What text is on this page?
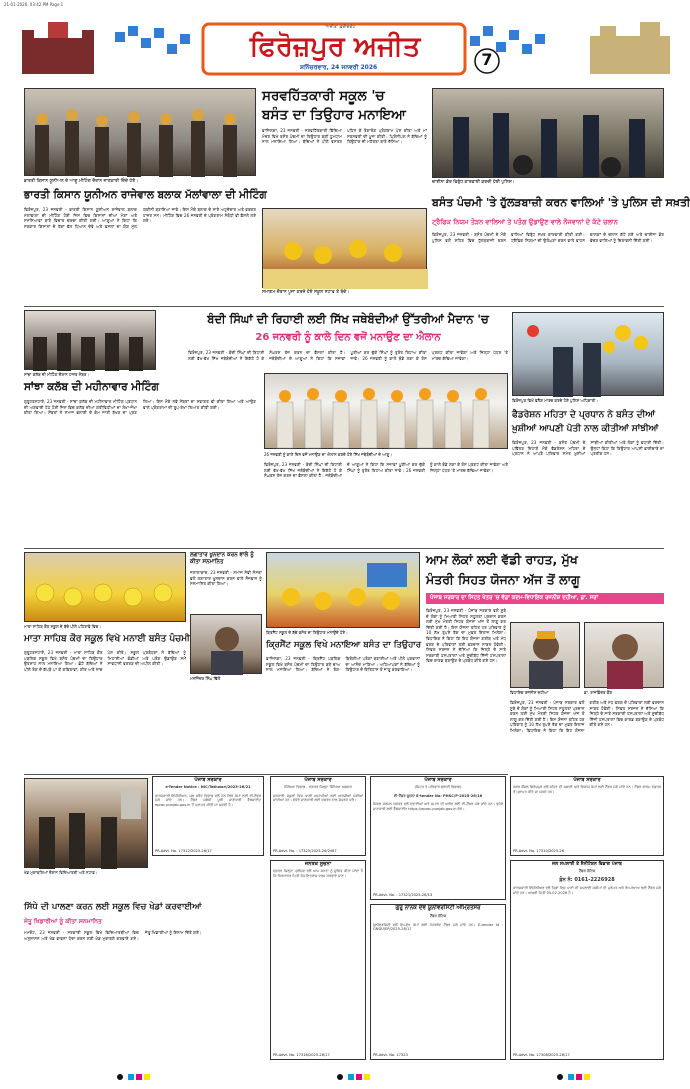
21-01-2026, 03:42 PM Page 1
ਫਿਰੋਜ਼ਪੁਰ ਅਜੀਤ
'ਅਜੀਤ' ਫ਼ਰੀਦਕੋਟ
ਸ਼ਨਿੱਚਰਵਾਰ, 24 ਜਨਵਰੀ 2026	7
ਭਾਰਤੀ ਕਿਸਾਨ ਯੂਨੀਅਨ ਦੇ ਆਗੂ ਮੀਟਿੰਗ ਦੌਰਾਨ ਜਾਣਕਾਰੀ ਦਿੰਦੇ ਹੋਏ।
ਭਾਰਤੀ ਕਿਸਾਨ ਯੂਨੀਅਨ ਰਾਜੇਵਾਲ ਬਲਾਕ ਮੱਲਾਂਵਾਲਾ ਦੀ ਮੀਟਿੰਗ
ਫਿਰੋਜ਼ਪੁਰ, 23 ਜਨਵਰੀ - ਭਾਰਤੀ ਕਿਸਾਨ ਯੂਨੀਅਨ ਰਾਜੇਵਾਲ ਬਲਾਕ ਮੱਲਾਂਵਾਲਾ ਦੀ ਮੀਟਿੰਗ ਹੋਈ ਜਿਸ ਵਿਚ ਕਿਸਾਨਾਂ ਦੀਆਂ ਮੰਗਾਂ ਅਤੇ ਸਮੱਸਿਆਵਾਂ ਬਾਰੇ ਵਿਚਾਰ ਚਰਚਾ ਕੀਤੀ ਗਈ। ਆਗੂਆਂ ਨੇ ਕਿਹਾ ਕਿ ਸਰਕਾਰ ਕਿਸਾਨਾਂ ਦੇ ਹੱਕਾਂ ਵੱਲ ਧਿਆਨ ਦੇਵੇ ਅਤੇ ਫ਼ਸਲਾਂ ਦਾ ਯੋਗ ਮੁੱਲ ਯਕੀਨੀ ਬਣਾਇਆ ਜਾਵੇ। ਇਸ ਮੌਕੇ ਬਲਾਕ ਦੇ ਸਾਰੇ ਅਹੁਦੇਦਾਰ ਅਤੇ ਵਰਕਰ ਹਾਜ਼ਰ ਸਨ। ਮੀਟਿੰਗ ਵਿਚ 26 ਜਨਵਰੀ ਦੇ ਪ੍ਰੋਗਰਾਮ ਸੰਬੰਧੀ ਵੀ ਫ਼ੈਸਲੇ ਲਏ ਗਏ।
ਸਰਵਹਿੱਤਕਾਰੀ ਸਕੂਲ 'ਚ
ਬਸੰਤ ਦਾ ਤਿਉਹਾਰ ਮਨਾਇਆ
ਫ਼ਾਜ਼ਿਲਕਾ, 23 ਜਨਵਰੀ - ਸਰਵਹਿੱਤਕਾਰੀ ਵਿੱਦਿਆ ਮੰਦਰ ਵਿਖੇ ਬਸੰਤ ਪੰਚਮੀ ਦਾ ਤਿਉਹਾਰ ਬੜੀ ਧੂਮਧਾਮ ਨਾਲ ਮਨਾਇਆ ਗਿਆ। ਬੱਚਿਆਂ ਨੇ ਪੀਲੇ ਵਸਤਰ ਪਹਿਨ ਕੇ ਰੰਗਾਰੰਗ ਪ੍ਰੋਗਰਾਮ ਪੇਸ਼ ਕੀਤਾ ਅਤੇ ਮਾਂ ਸਰਸਵਤੀ ਦੀ ਪੂਜਾ ਕੀਤੀ। ਪ੍ਰਿੰਸੀਪਲ ਨੇ ਬੱਚਿਆਂ ਨੂੰ ਤਿਉਹਾਰ ਦੀ ਮਹੱਤਤਾ ਬਾਰੇ ਦੱਸਿਆ।
ਸਮਾਗਮ ਦੌਰਾਨ ਪੂਜਾ ਕਰਦੇ ਹੋਏ ਸਕੂਲ ਸਟਾਫ਼ ਤੇ ਬੱਚੇ।
ਚਾਈਨਾ ਡੋਰ ਵਿਰੁੱਧ ਕਾਰਵਾਈ ਕਰਦੀ ਹੋਈ ਪੁਲਿਸ।
ਬਸੰਤ ਪੰਚਮੀ 'ਤੇ ਹੁੱਲੜਬਾਜ਼ੀ ਕਰਨ ਵਾਲਿਆਂ 'ਤੇ ਪੁਲਿਸ ਦੀ ਸਖ਼ਤੀ
ਟ੍ਰੈਫਿਕ ਨਿਯਮ ਤੋੜਨ ਵਾਲਿਆਂ ਤੇ ਪਤੰਗ ਉਡਾਉਣ ਵਾਲੇ ਨੌਜਵਾਨਾਂ ਦੇ ਕੱਟੇ ਚਲਾਨ
ਫ਼ਿਰੋਜ਼ਪੁਰ, 23 ਜਨਵਰੀ - ਬਸੰਤ ਪੰਚਮੀ ਦੇ ਮੌਕੇ ਪੁਲਿਸ ਵਲੋਂ ਸ਼ਹਿਰ ਵਿਚ ਹੁੱਲੜਬਾਜ਼ੀ ਕਰਨ ਵਾਲਿਆਂ ਵਿਰੁੱਧ ਸਖ਼ਤ ਕਾਰਵਾਈ ਕੀਤੀ ਗਈ। ਟ੍ਰੈਫਿਕ ਨਿਯਮਾਂ ਦੀ ਉਲੰਘਣਾ ਕਰਨ ਵਾਲੇ ਵਾਹਨ ਚਾਲਕਾਂ ਦੇ ਚਲਾਨ ਕੱਟੇ ਗਏ ਅਤੇ ਚਾਈਨਾ ਡੋਰ ਵੇਚਣ ਵਾਲਿਆਂ ਨੂੰ ਚਿਤਾਵਨੀ ਦਿੱਤੀ ਗਈ।
ਸਾਂਝਾ ਕਲੱਬ ਦੀ ਮੀਟਿੰਗ ਦੌਰਾਨ ਹਾਜ਼ਰ ਮੈਂਬਰ।
ਸਾਂਝਾ ਕਲੱਬ ਦੀ ਮਹੀਨਾਵਾਰ ਮੀਟਿੰਗ
ਗੁਰੂਹਰਸਹਾਏ, 23 ਜਨਵਰੀ - ਸਾਂਝਾ ਕਲੱਬ ਦੀ ਮਹੀਨਾਵਾਰ ਮੀਟਿੰਗ ਪ੍ਰਧਾਨ ਦੀ ਅਗਵਾਈ ਹੇਠ ਹੋਈ ਜਿਸ ਵਿਚ ਕਲੱਬ ਦੀਆਂ ਗਤੀਵਿਧੀਆਂ ਦਾ ਲੇਖਾ-ਜੋਖਾ ਕੀਤਾ ਗਿਆ। ਮੈਂਬਰਾਂ ਨੇ ਸਮਾਜ ਭਲਾਈ ਦੇ ਕੰਮ ਜਾਰੀ ਰੱਖਣ ਦਾ ਪ੍ਰਣ ਲਿਆ। ਇਸ ਮੌਕੇ ਨਵੇਂ ਮੈਂਬਰਾਂ ਦਾ ਸਵਾਗਤ ਵੀ ਕੀਤਾ ਗਿਆ ਅਤੇ ਆਉਣ ਵਾਲੇ ਪ੍ਰੋਗਰਾਮਾਂ ਦੀ ਰੂਪ-ਰੇਖਾ ਤਿਆਰ ਕੀਤੀ ਗਈ।
ਬੰਦੀ ਸਿੰਘਾਂ ਦੀ ਰਿਹਾਈ ਲਈ ਸਿੱਖ ਜਥੇਬੰਦੀਆਂ ਉੱਤਰੀਆਂ ਮੈਦਾਨ 'ਚ
26 ਜਨਵਰੀ ਨੂੰ ਕਾਲੇ ਦਿਨ ਵਜੋਂ ਮਨਾਉਣ ਦਾ ਐਲਾਨ
ਫਿਰੋਜ਼ਪੁਰ, 23 ਜਨਵਰੀ - ਬੰਦੀ ਸਿੰਘਾਂ ਦੀ ਰਿਹਾਈ ਲਈ ਵੱਖ-ਵੱਖ ਸਿੱਖ ਜਥੇਬੰਦੀਆਂ ਨੇ ਇਕੱਠੇ ਹੋ ਕੇ ਸੰਘਰਸ਼ ਤੇਜ਼ ਕਰਨ ਦਾ ਫ਼ੈਸਲਾ ਕੀਤਾ ਹੈ। ਜਥੇਬੰਦੀਆਂ ਦੇ ਆਗੂਆਂ ਨੇ ਕਿਹਾ ਕਿ ਸਜ਼ਾਵਾਂ ਪੂਰੀਆਂ ਕਰ ਚੁੱਕੇ ਸਿੰਘਾਂ ਨੂੰ ਤੁਰੰਤ ਰਿਹਾਅ ਕੀਤਾ ਜਾਵੇ। 26 ਜਨਵਰੀ ਨੂੰ ਕਾਲੇ ਝੰਡੇ ਲਗਾ ਕੇ ਰੋਸ ਪ੍ਰਗਟ ਕੀਤਾ ਜਾਵੇਗਾ ਅਤੇ ਜ਼ਿਲ੍ਹਾ ਪੱਧਰ 'ਤੇ ਮਾਰਚ ਕੱਢਿਆ ਜਾਵੇਗਾ।
26 ਜਨਵਰੀ ਨੂੰ ਕਾਲੇ ਦਿਨ ਵਜੋਂ ਮਨਾਉਣ ਦਾ ਐਲਾਨ ਕਰਦੇ ਹੋਏ ਸਿੱਖ ਜਥੇਬੰਦੀਆਂ ਦੇ ਆਗੂ।
ਫਿਰੋਜ਼ਪੁਰ, 23 ਜਨਵਰੀ - ਬੰਦੀ ਸਿੰਘਾਂ ਦੀ ਰਿਹਾਈ ਲਈ ਵੱਖ-ਵੱਖ ਸਿੱਖ ਜਥੇਬੰਦੀਆਂ ਨੇ ਇਕੱਠੇ ਹੋ ਕੇ ਸੰਘਰਸ਼ ਤੇਜ਼ ਕਰਨ ਦਾ ਫ਼ੈਸਲਾ ਕੀਤਾ ਹੈ। ਜਥੇਬੰਦੀਆਂ ਦੇ ਆਗੂਆਂ ਨੇ ਕਿਹਾ ਕਿ ਸਜ਼ਾਵਾਂ ਪੂਰੀਆਂ ਕਰ ਚੁੱਕੇ ਸਿੰਘਾਂ ਨੂੰ ਤੁਰੰਤ ਰਿਹਾਅ ਕੀਤਾ ਜਾਵੇ। 26 ਜਨਵਰੀ ਨੂੰ ਕਾਲੇ ਝੰਡੇ ਲਗਾ ਕੇ ਰੋਸ ਪ੍ਰਗਟ ਕੀਤਾ ਜਾਵੇਗਾ ਅਤੇ ਜ਼ਿਲ੍ਹਾ ਪੱਧਰ 'ਤੇ ਮਾਰਚ ਕੱਢਿਆ ਜਾਵੇਗਾ।
ਫ਼ਿਰੋਜ਼ਪੁਰ ਵਿਖੇ ਫਲੈਗ ਮਾਰਚ ਕਰਦੇ ਹੋਏ ਪੁਲਿਸ ਅਧਿਕਾਰੀ।
ਫੈਡਰੇਸ਼ਨ ਮਹਿਤਾ ਦੇ ਪ੍ਰਧਾਨ ਨੇ ਬਸੰਤ ਦੀਆਂ
ਖ਼ੁਸ਼ੀਆਂ ਆਪਣੀ ਪੋਤੀ ਨਾਲ ਕੀਤੀਆਂ ਸਾਂਝੀਆਂ
ਫ਼ਿਰੋਜ਼ਪੁਰ, 23 ਜਨਵਰੀ - ਬਸੰਤ ਪੰਚਮੀ ਦੇ ਪਵਿੱਤਰ ਦਿਹਾੜੇ ਮੌਕੇ ਫੈਡਰੇਸ਼ਨ ਮਹਿਤਾ ਦੇ ਪ੍ਰਧਾਨ ਨੇ ਆਪਣੇ ਪਰਿਵਾਰ ਸਮੇਤ ਖ਼ੁਸ਼ੀਆਂ ਸਾਂਝੀਆਂ ਕੀਤੀਆਂ ਅਤੇ ਲੋਕਾਂ ਨੂੰ ਵਧਾਈ ਦਿੱਤੀ। ਉਨ੍ਹਾਂ ਕਿਹਾ ਕਿ ਤਿਉਹਾਰ ਆਪਸੀ ਭਾਈਚਾਰੇ ਦਾ ਪ੍ਰਤੀਕ ਹਨ।
ਮਾਤਾ ਸਾਹਿਬ ਕੌਰ ਸਕੂਲ ਦੇ ਬੱਚੇ ਪੀਲੇ ਪਹਿਰਾਵੇ ਵਿਚ।
ਮਾਤਾ ਸਾਹਿਬ ਕੌਰ ਸਕੂਲ ਵਿਖੇ ਮਨਾਈ ਬਸੰਤ ਪੰਚਮੀ
ਗੁਰੂਹਰਸਹਾਏ, 23 ਜਨਵਰੀ - ਮਾਤਾ ਸਾਹਿਬ ਕੌਰ ਪਬਲਿਕ ਸਕੂਲ ਵਿਖੇ ਬਸੰਤ ਪੰਚਮੀ ਦਾ ਤਿਉਹਾਰ ਉਤਸ਼ਾਹ ਨਾਲ ਮਨਾਇਆ ਗਿਆ। ਛੋਟੇ ਬੱਚਿਆਂ ਨੇ ਪੀਲੇ ਰੰਗ ਦੇ ਕੱਪੜੇ ਪਾ ਕੇ ਕਵਿਤਾਵਾਂ, ਗੀਤ ਅਤੇ ਨਾਚ ਪੇਸ਼ ਕੀਤੇ। ਸਕੂਲ ਪ੍ਰਬੰਧਕਾਂ ਨੇ ਬੱਚਿਆਂ ਨੂੰ ਮਿਠਾਈਆਂ ਵੰਡੀਆਂ ਅਤੇ ਪਤੰਗ ਉਡਾਉਣ ਸਮੇਂ ਸਾਵਧਾਨੀ ਵਰਤਣ ਦੀ ਅਪੀਲ ਕੀਤੀ।
ਲਗਾਤਾਰ ਖੂਨਦਾਨ ਕਰਨ ਵਾਲੇ ਨੂੰ ਕੀਤਾ ਸਨਮਾਨਿਤ
ਜਲਾਲਾਬਾਦ, 23 ਜਨਵਰੀ - ਸਮਾਜ ਸੇਵੀ ਸੰਸਥਾ ਵਲੋਂ ਲਗਾਤਾਰ ਖੂਨਦਾਨ ਕਰਨ ਵਾਲੇ ਨੌਜਵਾਨ ਨੂੰ ਸਨਮਾਨਿਤ ਕੀਤਾ ਗਿਆ।
ਮਨਜਿੰਦਰ ਸਿੰਘ ਢਿੱਲੋਂ
ਕ੍ਰਿਸੈਂਟ ਸਕੂਲ ਦੇ ਬੱਚੇ ਬਸੰਤ ਦਾ ਤਿਉਹਾਰ ਮਨਾਉਂਦੇ ਹੋਏ।
ਕ੍ਰਿਸੈਂਟ ਸਕੂਲ ਵਿਖੇ ਮਨਾਇਆ ਬਸੰਤ ਦਾ ਤਿਉਹਾਰ
ਫ਼ਾਜ਼ਿਲਕਾ, 23 ਜਨਵਰੀ - ਕ੍ਰਿਸੈਂਟ ਪਬਲਿਕ ਸਕੂਲ ਵਿਖੇ ਬਸੰਤ ਪੰਚਮੀ ਦਾ ਤਿਉਹਾਰ ਬੜੇ ਚਾਅ ਨਾਲ ਮਨਾਇਆ ਗਿਆ। ਬੱਚਿਆਂ ਨੇ ਰੰਗ-ਬਿਰੰਗੀਆਂ ਪਤੰਗਾਂ ਬਣਾਈਆਂ ਅਤੇ ਪੀਲੇ ਪਕਵਾਨਾਂ ਦਾ ਆਨੰਦ ਮਾਣਿਆ। ਅਧਿਆਪਕਾਂ ਨੇ ਬੱਚਿਆਂ ਨੂੰ ਤਿਉਹਾਰ ਦੇ ਇਤਿਹਾਸ ਤੋਂ ਜਾਣੂ ਕਰਵਾਇਆ।
ਆਮ ਲੋਕਾਂ ਲਈ ਵੱਡੀ ਰਾਹਤ, ਮੁੱਖ
ਮੰਤਰੀ ਸਿਹਤ ਯੋਜਨਾ ਅੱਜ ਤੋਂ ਲਾਗੂ
ਪੰਜਾਬ ਸਰਕਾਰ ਦਾ ਸਿਹਤ ਖੇਤਰ 'ਚ ਵੱਡਾ ਕਦਮ-ਵਿਧਾਇਕ ਰਜਨੀਸ਼ ਦਹੀਆ, ਡਾ. ਸਰਾਂ
ਫ਼ਿਰੋਜ਼ਪੁਰ, 23 ਜਨਵਰੀ - ਪੰਜਾਬ ਸਰਕਾਰ ਵਲੋਂ ਸੂਬੇ ਦੇ ਲੋਕਾਂ ਨੂੰ ਮਿਆਰੀ ਸਿਹਤ ਸਹੂਲਤਾਂ ਪ੍ਰਦਾਨ ਕਰਨ ਲਈ ਮੁੱਖ ਮੰਤਰੀ ਸਿਹਤ ਯੋਜਨਾ ਅੱਜ ਤੋਂ ਲਾਗੂ ਕਰ ਦਿੱਤੀ ਗਈ ਹੈ। ਇਸ ਯੋਜਨਾ ਤਹਿਤ ਹਰ ਪਰਿਵਾਰ ਨੂੰ 10 ਲੱਖ ਰੁਪਏ ਤੱਕ ਦਾ ਮੁਫ਼ਤ ਇਲਾਜ ਮਿਲੇਗਾ। ਵਿਧਾਇਕ ਨੇ ਕਿਹਾ ਕਿ ਇਹ ਯੋਜਨਾ ਗਰੀਬ ਅਤੇ ਮੱਧ ਵਰਗ ਦੇ ਪਰਿਵਾਰਾਂ ਲਈ ਵਰਦਾਨ ਸਾਬਤ ਹੋਵੇਗੀ। ਸਿਵਲ ਸਰਜਨ ਨੇ ਦੱਸਿਆ ਕਿ ਜ਼ਿਲ੍ਹੇ ਦੇ ਸਾਰੇ ਸਰਕਾਰੀ ਹਸਪਤਾਲਾਂ ਅਤੇ ਸੂਚੀਬੱਧ ਨਿੱਜੀ ਹਸਪਤਾਲਾਂ ਵਿਚ ਕਾਰਡ ਬਣਾਉਣ ਦੇ ਪ੍ਰਬੰਧ ਕੀਤੇ ਗਏ ਹਨ।
ਵਿਧਾਇਕ ਰਜਨੀਸ਼ ਦਹੀਆ	ਡਾ. ਰਾਜਵਿੰਦਰ ਕੌਰ
ਫ਼ਿਰੋਜ਼ਪੁਰ, 23 ਜਨਵਰੀ - ਪੰਜਾਬ ਸਰਕਾਰ ਵਲੋਂ ਸੂਬੇ ਦੇ ਲੋਕਾਂ ਨੂੰ ਮਿਆਰੀ ਸਿਹਤ ਸਹੂਲਤਾਂ ਪ੍ਰਦਾਨ ਕਰਨ ਲਈ ਮੁੱਖ ਮੰਤਰੀ ਸਿਹਤ ਯੋਜਨਾ ਅੱਜ ਤੋਂ ਲਾਗੂ ਕਰ ਦਿੱਤੀ ਗਈ ਹੈ। ਇਸ ਯੋਜਨਾ ਤਹਿਤ ਹਰ ਪਰਿਵਾਰ ਨੂੰ 10 ਲੱਖ ਰੁਪਏ ਤੱਕ ਦਾ ਮੁਫ਼ਤ ਇਲਾਜ ਮਿਲੇਗਾ। ਵਿਧਾਇਕ ਨੇ ਕਿਹਾ ਕਿ ਇਹ ਯੋਜਨਾ ਗਰੀਬ ਅਤੇ ਮੱਧ ਵਰਗ ਦੇ ਪਰਿਵਾਰਾਂ ਲਈ ਵਰਦਾਨ ਸਾਬਤ ਹੋਵੇਗੀ। ਸਿਵਲ ਸਰਜਨ ਨੇ ਦੱਸਿਆ ਕਿ ਜ਼ਿਲ੍ਹੇ ਦੇ ਸਾਰੇ ਸਰਕਾਰੀ ਹਸਪਤਾਲਾਂ ਅਤੇ ਸੂਚੀਬੱਧ ਨਿੱਜੀ ਹਸਪਤਾਲਾਂ ਵਿਚ ਕਾਰਡ ਬਣਾਉਣ ਦੇ ਪ੍ਰਬੰਧ ਕੀਤੇ ਗਏ ਹਨ।
ਪੰਜਾਬ ਸਰਕਾਰ
ਨਗਰ ਕੌਂਸਲ ਫ਼ਿਰੋਜ਼ਪੁਰ ਵਲੋਂ ਸ਼ਹਿਰ ਦੀ ਸਫ਼ਾਈ ਅਤੇ ਵਿਕਾਸ ਕੰਮਾਂ ਲਈ ਟੈਂਡਰ ਮੰਗੇ ਜਾਂਦੇ ਹਨ। ਟੈਂਡਰ ਫਾਰਮ ਦਫ਼ਤਰ ਤੋਂ ਪ੍ਰਾਪਤ ਕੀਤੇ ਜਾ ਸਕਦੇ ਹਨ।
PR-Advt. No. 17310/2025-26
ਖੇਡ ਮੁਕਾਬਲਿਆਂ ਦੌਰਾਨ ਵਿਦਿਆਰਥੀ ਅਤੇ ਸਟਾਫ਼।
ਸਿੱਧੇ ਦੀ ਪਾਲਣਾ ਕਰਨ ਲਈ ਸਕੂਲ ਵਿਚ ਖੇਡਾਂ ਕਰਵਾਈਆਂ
ਜੇਤੂ ਖਿਡਾਰੀਆਂ ਨੂੰ ਕੀਤਾ ਸਨਮਾਨਿਤ
ਮਮਦੋਟ, 23 ਜਨਵਰੀ - ਸਰਕਾਰੀ ਸਕੂਲ ਵਿਖੇ ਵਿਦਿਆਰਥੀਆਂ ਵਿਚ ਅਨੁਸ਼ਾਸਨ ਅਤੇ ਖੇਡ ਭਾਵਨਾ ਪੈਦਾ ਕਰਨ ਲਈ ਖੇਡ ਮੁਕਾਬਲੇ ਕਰਵਾਏ ਗਏ। ਜੇਤੂ ਖਿਡਾਰੀਆਂ ਨੂੰ ਇਨਾਮ ਦਿੱਤੇ ਗਏ।
ਪੰਜਾਬ ਸਰਕਾਰ
e-Tender Notice : NIC/Tathwari/2025-26/21
ਕਾਰਜਕਾਰੀ ਇੰਜੀਨੀਅਰ, ਜਲ ਸਰੋਤ ਵਿਭਾਗ ਵਲੋਂ ਹੇਠ ਲਿਖੇ ਕੰਮਾਂ ਲਈ ਈ-ਟੈਂਡਰ ਮੰਗੇ ਜਾਂਦੇ ਹਨ। ਟੈਂਡਰ ਸਬੰਧੀ ਪੂਰੀ ਜਾਣਕਾਰੀ ਵੈੱਬਸਾਈਟ eproc.punjab.gov.in ਤੋਂ ਪ੍ਰਾਪਤ ਕੀਤੀ ਜਾ ਸਕਦੀ ਹੈ।
PR-Advt. No. 17312/2025-26/17
ਪੰਜਾਬ ਸਰਕਾਰ
ਸਿੱਖਿਆ ਵਿਭਾਗ - ਦਫ਼ਤਰ ਜ਼ਿਲ੍ਹਾ ਸਿੱਖਿਆ ਅਫ਼ਸਰ
ਸਰਕਾਰੀ ਸਕੂਲਾਂ ਵਿਚ ਖਾਲੀ ਅਸਾਮੀਆਂ ਲਈ ਅਰਜ਼ੀਆਂ ਮੰਗੀਆਂ ਜਾਂਦੀਆਂ ਹਨ। ਵਧੇਰੇ ਜਾਣਕਾਰੀ ਲਈ ਦਫ਼ਤਰ ਨਾਲ ਸੰਪਰਕ ਕਰੋ।
PR-Advt. No. : 17325/2025-26/2087
ਪੰਜਾਬ ਸਰਕਾਰ
(ਸਿਹਤ ਤੇ ਪਰਿਵਾਰ ਭਲਾਈ ਵਿਭਾਗ)
ਈ-ਟੈਂਡਰ ਸੂਚਨਾ E-tender No: PHSC/P-2025-26/16
ਸਿਵਲ ਸਰਜਨ ਦਫ਼ਤਰ ਵਲੋਂ ਦਵਾਈਆਂ ਅਤੇ ਸਮਾਨ ਦੀ ਖ਼ਰੀਦ ਲਈ ਈ-ਟੈਂਡਰ ਮੰਗੇ ਜਾਂਦੇ ਹਨ। ਵਧੇਰੇ ਜਾਣਕਾਰੀ ਲਈ ਵੈੱਬਸਾਈਟ https://eproc.punjab.gov.in ਵੇਖੋ।
PR-Advt. No. : 17321/2025-26/13
ਜਨਤਕ ਸੂਚਨਾ
ਦਫ਼ਤਰ ਜ਼ਿਲ੍ਹਾ ਪ੍ਰੀਸ਼ਦ ਵਲੋਂ ਆਮ ਜਨਤਾ ਨੂੰ ਸੂਚਿਤ ਕੀਤਾ ਜਾਂਦਾ ਹੈ ਕਿ ਨਿਰਧਾਰਤ ਮਿਤੀ ਤੱਕ ਇਤਰਾਜ਼ ਦਰਜ ਕਰਵਾਏ ਜਾਣ।
PR-Advt. No. 17316/2025-26/17
ਗੁਰੂ ਨਾਨਕ ਦੇਵ ਯੂਨੀਵਰਸਿਟੀ ਅੰਮ੍ਰਿਤਸਰ
ਟੈਂਡਰ ਨੋਟਿਸ
ਯੂਨੀਵਰਸਿਟੀ ਵਲੋਂ ਵੱਖ-ਵੱਖ ਕੰਮਾਂ ਲਈ ਮੋਹਰਬੰਦ ਟੈਂਡਰ ਮੰਗੇ ਜਾਂਦੇ ਹਨ। E-tender Id : GNDU/EP/2025-26/17
PR-Advt. No. 17323
ਜਲ ਸਪਲਾਈ ਤੇ ਸੈਨੀਟੇਸ਼ਨ ਵਿਭਾਗ ਪੰਜਾਬ
ਟੈਂਡਰ ਨੋਟਿਸ
ਫ਼ੋਨ ਨੰ: 0161-2226928
ਕਾਰਜਕਾਰੀ ਇੰਜੀਨੀਅਰ ਵਲੋਂ ਪਿੰਡਾਂ ਵਿਚ ਪਾਣੀ ਦੀ ਸਪਲਾਈ ਸਕੀਮਾਂ ਦੀ ਮੁਰੰਮਤ ਅਤੇ ਰੱਖ-ਰਖਾਅ ਲਈ ਟੈਂਡਰ ਮੰਗੇ ਜਾਂਦੇ ਹਨ। ਆਖ਼ਰੀ ਮਿਤੀ 05.02.2026 ਹੈ।
PR-Advt. No. 17308/2025-26/17
